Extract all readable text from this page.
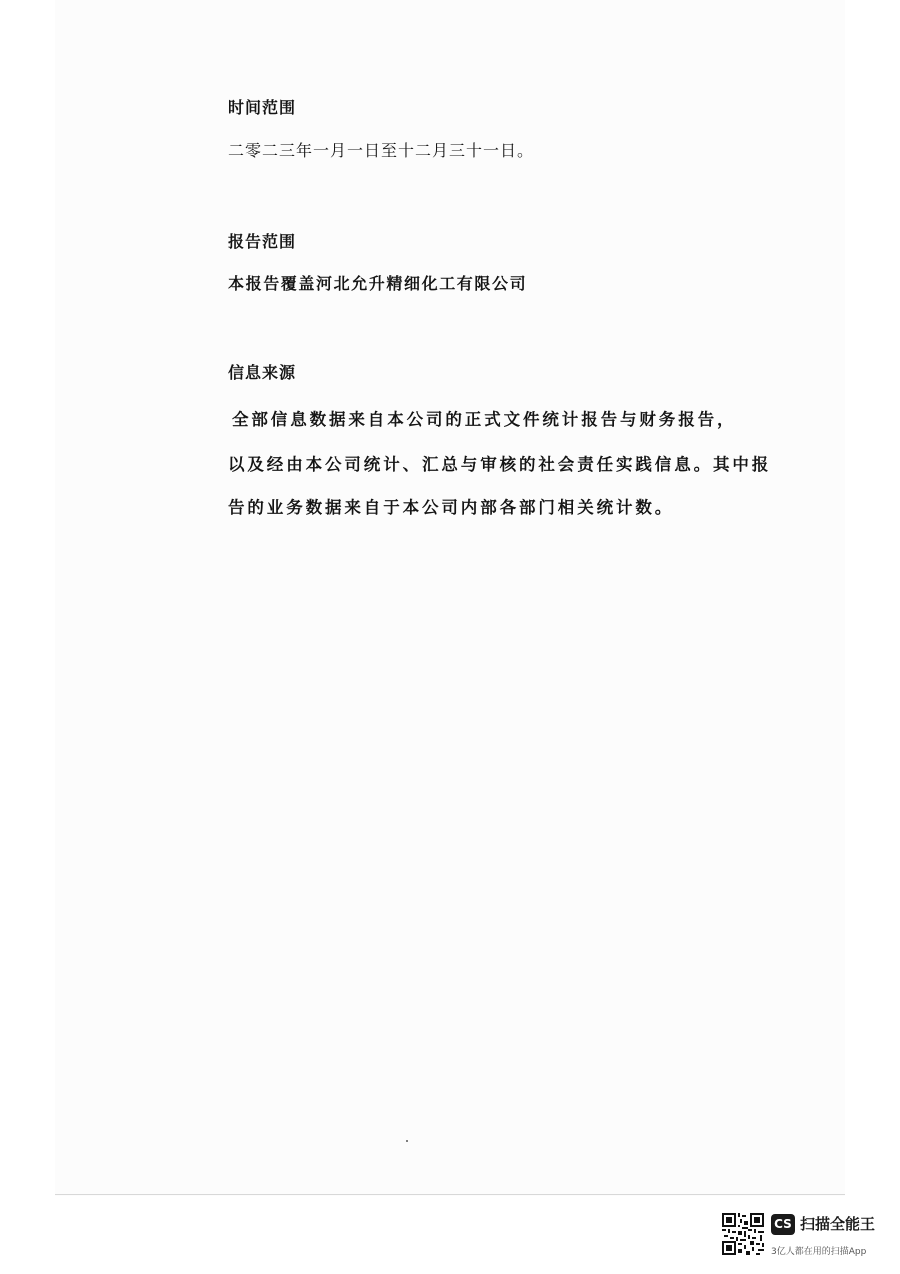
时间范围
二零二三年一月一日至十二月三十一日。
报告范围
本报告覆盖河北允升精细化工有限公司
信息来源
全部信息数据来自本公司的正式文件统计报告与财务报告，
以及经由本公司统计、汇总与审核的社会责任实践信息。其中报
告的业务数据来自于本公司内部各部门相关统计数。
CS 扫描全能王
3亿人都在用的扫描App
